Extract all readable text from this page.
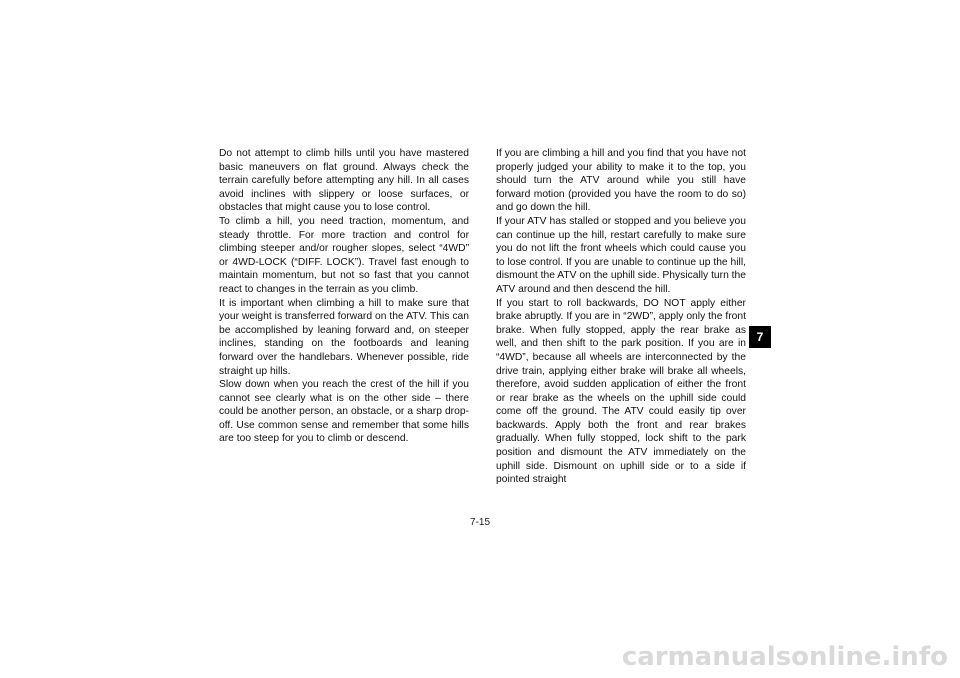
Do not attempt to climb hills until you have mastered basic maneuvers on flat ground. Always check the terrain carefully before attempting any hill. In all cases avoid inclines with slippery or loose surfaces, or obstacles that might cause you to lose control.

To climb a hill, you need traction, momentum, and steady throttle. For more traction and control for climbing steeper and/or rougher slopes, select “4WD” or 4WD-LOCK (“DIFF. LOCK”). Travel fast enough to maintain momentum, but not so fast that you cannot react to changes in the terrain as you climb.

It is important when climbing a hill to make sure that your weight is transferred forward on the ATV. This can be accomplished by leaning forward and, on steeper inclines, standing on the footboards and leaning forward over the handlebars. Whenever possible, ride straight up hills.

Slow down when you reach the crest of the hill if you cannot see clearly what is on the other side – there could be another person, an obstacle, or a sharp drop-off. Use common sense and remember that some hills are too steep for you to climb or descend.

If you are climbing a hill and you find that you have not properly judged your ability to make it to the top, you should turn the ATV around while you still have forward motion (provided you have the room to do so) and go down the hill.

If your ATV has stalled or stopped and you believe you can continue up the hill, restart carefully to make sure you do not lift the front wheels which could cause you to lose control. If you are unable to continue up the hill, dismount the ATV on the uphill side. Physically turn the ATV around and then descend the hill.

If you start to roll backwards, DO NOT apply either brake abruptly. If you are in “2WD”, apply only the front brake. When fully stopped, apply the rear brake as well, and then shift to the park position. If you are in “4WD”, because all wheels are interconnected by the drive train, applying either brake will brake all wheels, therefore, avoid sudden application of either the front or rear brake as the wheels on the uphill side could come off the ground. The ATV could easily tip over backwards. Apply both the front and rear brakes gradually. When fully stopped, lock shift to the park position and dismount the ATV immediately on the uphill side. Dismount on uphill side or to a side if pointed straight

7
7-15
carmanualsonline.info
